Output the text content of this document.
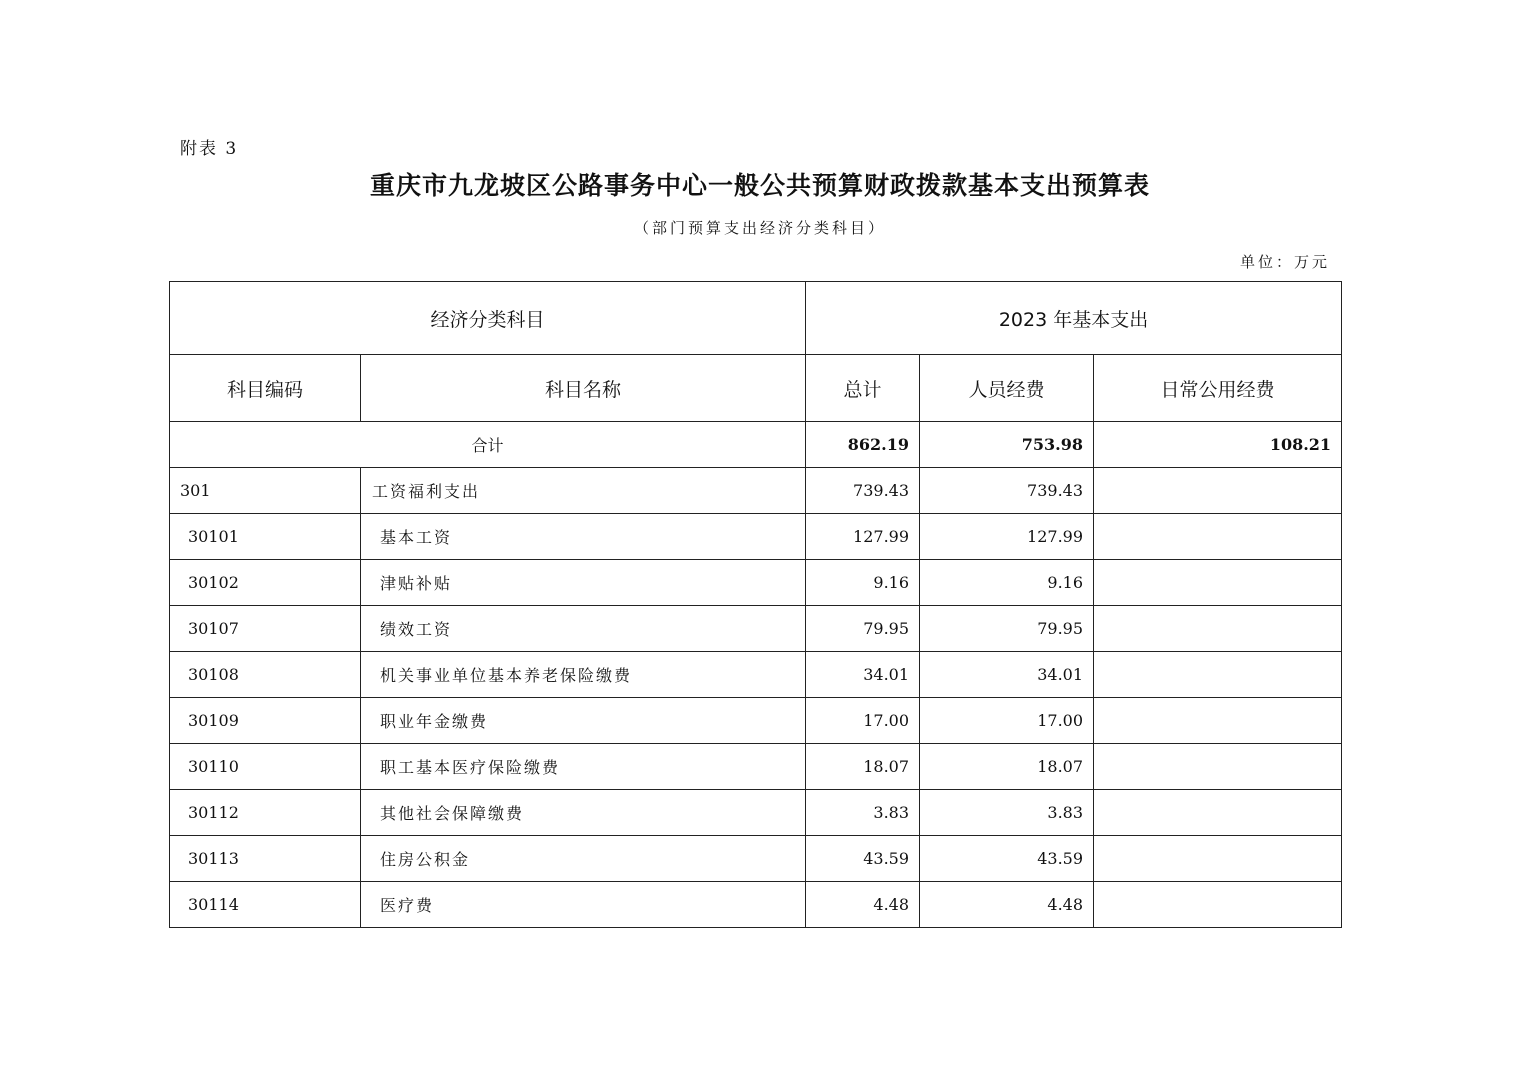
附表 3
重庆市九龙坡区公路事务中心一般公共预算财政拨款基本支出预算表
（部门预算支出经济分类科目）
单位：万元
经济分类科目		2023 年基本支出		
科目编码	科目名称	总计	人员经费	日常公用经费
合计		862.19	753.98	108.21
301	工资福利支出	739.43	739.43	
30101	基本工资	127.99	127.99	
30102	津贴补贴	9.16	9.16	
30107	绩效工资	79.95	79.95	
30108	机关事业单位基本养老保险缴费	34.01	34.01	
30109	职业年金缴费	17.00	17.00	
30110	职工基本医疗保险缴费	18.07	18.07	
30112	其他社会保障缴费	3.83	3.83	
30113	住房公积金	43.59	43.59	
30114	医疗费	4.48	4.48	
